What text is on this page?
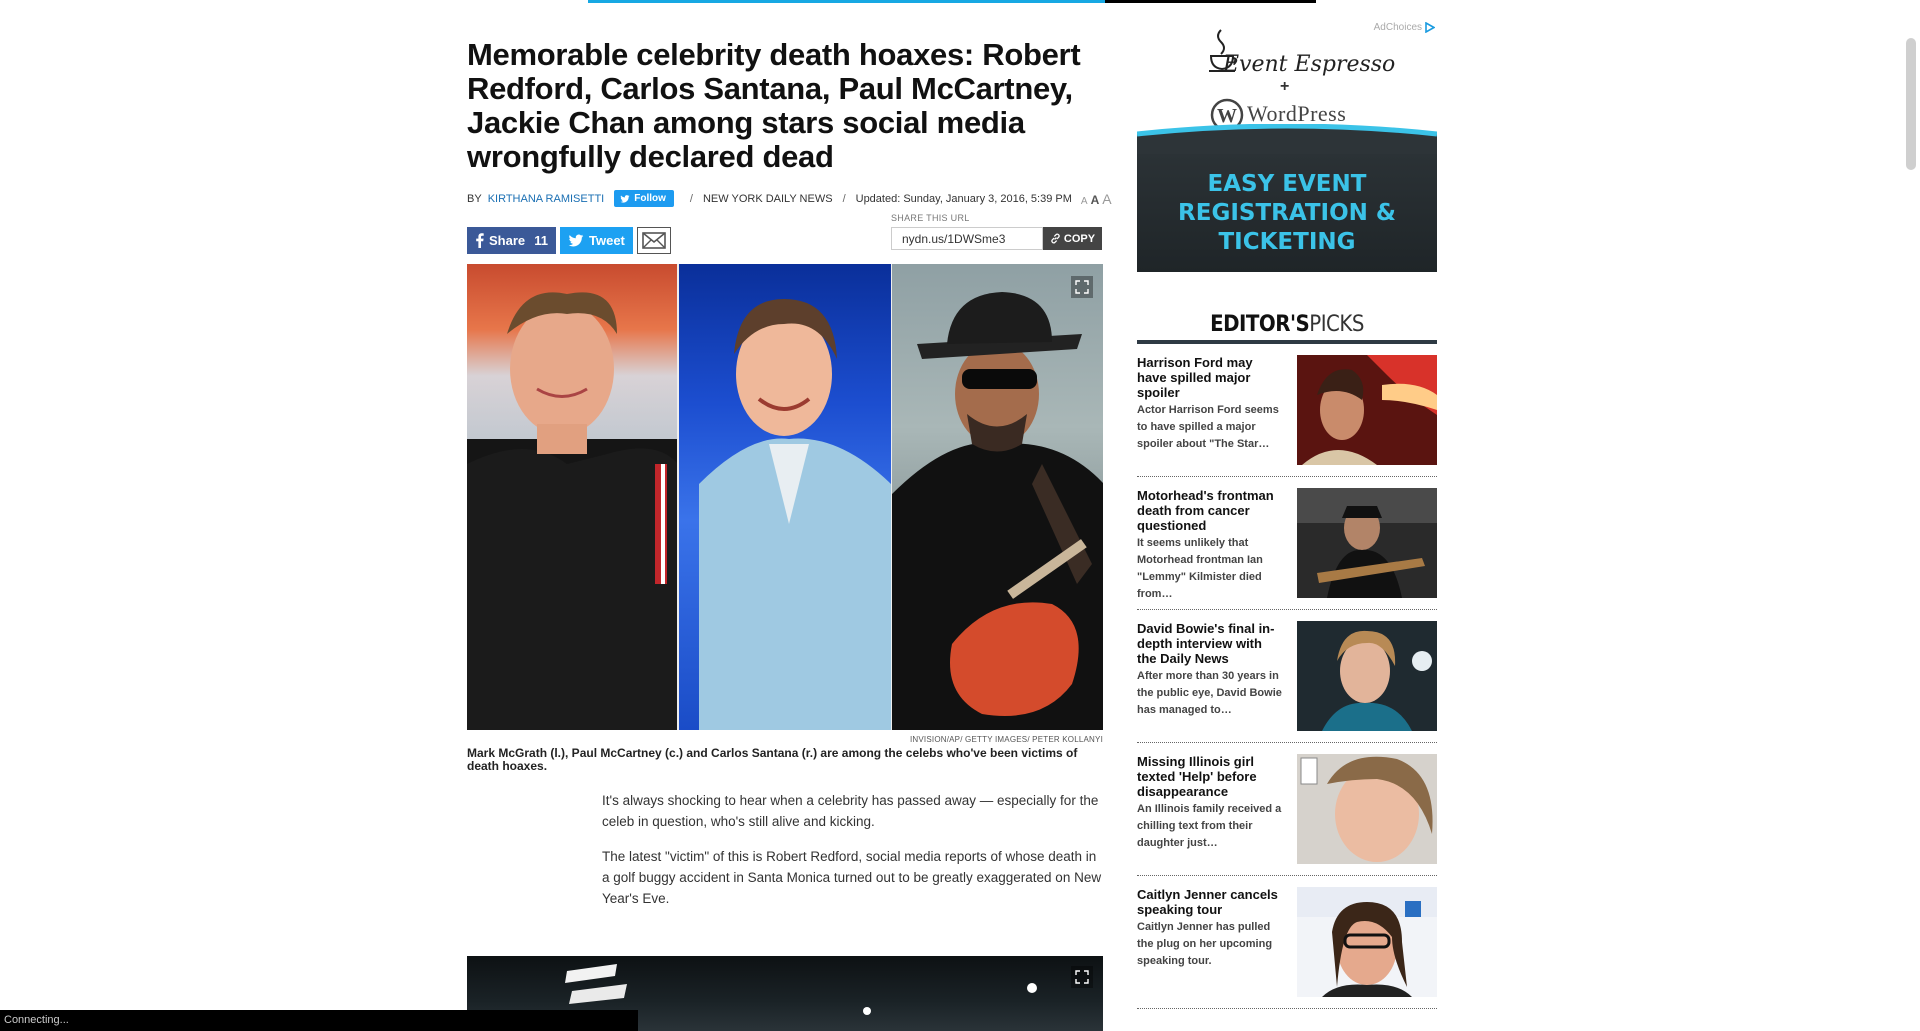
Memorable celebrity death hoaxes: Robert Redford, Carlos Santana, Paul McCartney, Jackie Chan among stars social media wrongfully declared dead
BY KIRTHANA RAMISETTI	Follow / NEW YORK DAILY NEWS / Updated: Sunday, January 3, 2016, 5:39 PM A A A
Share 11	Tweet
SHARE THIS URL
nydn.us/1DWSme3
COPY
INVISION/AP/ GETTY IMAGES/ PETER KOLLANYI
Mark McGrath (l.), Paul McCartney (c.) and Carlos Santana (r.) are among the celebs who've been victims of death hoaxes.

It's always shocking to hear when a celebrity has passed away — especially for the celeb in question, who's still alive and kicking.

The latest "victim" of this is Robert Redford, social media reports of whose death in a golf buggy accident in Santa Monica turned out to be greatly exaggerated on New Year's Eve.

Event Espresso
+
W WordPress
EASY EVENT
REGISTRATION &
TICKETING
AdChoices
EDITOR'SPICKS
Harrison Ford may have spilled major spoiler
Actor Harrison Ford seems to have spilled a major spoiler about "The Star…
Motorhead's frontman death from cancer questioned
It seems unlikely that Motorhead frontman Ian "Lemmy" Kilmister died from…
David Bowie's final in-depth interview with the Daily News
After more than 30 years in the public eye, David Bowie has managed to…
Missing Illinois girl texted 'Help' before disappearance
An Illinois family received a chilling text from their daughter just…
Caitlyn Jenner cancels speaking tour
Caitlyn Jenner has pulled the plug on her upcoming speaking tour.
Connecting...
